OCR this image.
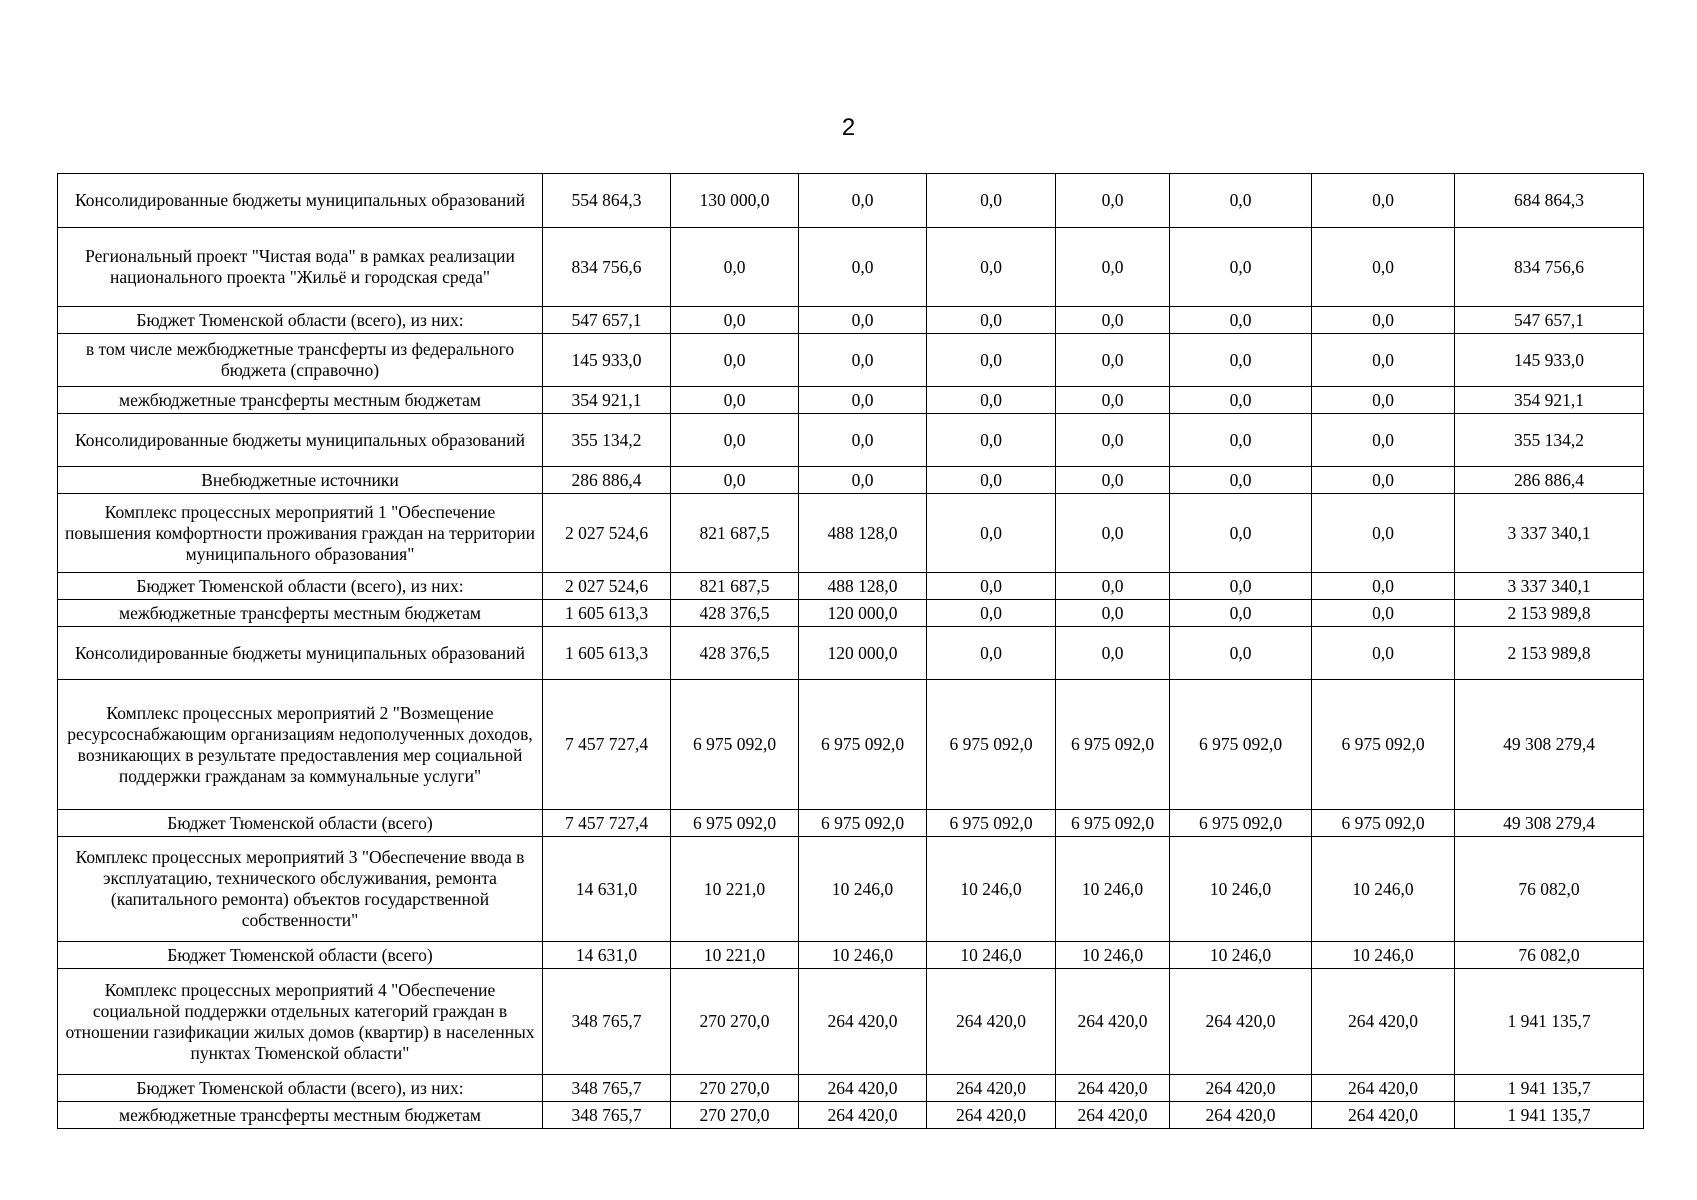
2
Консолидированные бюджеты муниципальных образований	554 864,3	130 000,0	0,0	0,0	0,0	0,0	0,0	684 864,3
Региональный проект "Чистая вода" в рамках реализации национального проекта "Жильё и городская среда"	834 756,6	0,0	0,0	0,0	0,0	0,0	0,0	834 756,6
Бюджет Тюменской области (всего), из них:	547 657,1	0,0	0,0	0,0	0,0	0,0	0,0	547 657,1
в том числе межбюджетные трансферты из федерального бюджета (справочно)	145 933,0	0,0	0,0	0,0	0,0	0,0	0,0	145 933,0
межбюджетные трансферты местным бюджетам	354 921,1	0,0	0,0	0,0	0,0	0,0	0,0	354 921,1
Консолидированные бюджеты муниципальных образований	355 134,2	0,0	0,0	0,0	0,0	0,0	0,0	355 134,2
Внебюджетные источники	286 886,4	0,0	0,0	0,0	0,0	0,0	0,0	286 886,4
Комплекс процессных мероприятий 1 "Обеспечение повышения комфортности проживания граждан на территории муниципального образования"	2 027 524,6	821 687,5	488 128,0	0,0	0,0	0,0	0,0	3 337 340,1
Бюджет Тюменской области (всего), из них:	2 027 524,6	821 687,5	488 128,0	0,0	0,0	0,0	0,0	3 337 340,1
межбюджетные трансферты местным бюджетам	1 605 613,3	428 376,5	120 000,0	0,0	0,0	0,0	0,0	2 153 989,8
Консолидированные бюджеты муниципальных образований	1 605 613,3	428 376,5	120 000,0	0,0	0,0	0,0	0,0	2 153 989,8
Комплекс процессных мероприятий 2 "Возмещение ресурсоснабжающим организациям недополученных доходов, возникающих в результате предоставления мер социальной поддержки гражданам за коммунальные услуги"	7 457 727,4	6 975 092,0	6 975 092,0	6 975 092,0	6 975 092,0	6 975 092,0	6 975 092,0	49 308 279,4
Бюджет Тюменской области (всего)	7 457 727,4	6 975 092,0	6 975 092,0	6 975 092,0	6 975 092,0	6 975 092,0	6 975 092,0	49 308 279,4
Комплекс процессных мероприятий 3 "Обеспечение ввода в эксплуатацию, технического обслуживания, ремонта (капитального ремонта) объектов государственной собственности"	14 631,0	10 221,0	10 246,0	10 246,0	10 246,0	10 246,0	10 246,0	76 082,0
Бюджет Тюменской области (всего)	14 631,0	10 221,0	10 246,0	10 246,0	10 246,0	10 246,0	10 246,0	76 082,0
Комплекс процессных мероприятий 4 "Обеспечение социальной поддержки отдельных категорий граждан в отношении газификации жилых домов (квартир) в населенных пунктах Тюменской области"	348 765,7	270 270,0	264 420,0	264 420,0	264 420,0	264 420,0	264 420,0	1 941 135,7
Бюджет Тюменской области (всего), из них:	348 765,7	270 270,0	264 420,0	264 420,0	264 420,0	264 420,0	264 420,0	1 941 135,7
межбюджетные трансферты местным бюджетам	348 765,7	270 270,0	264 420,0	264 420,0	264 420,0	264 420,0	264 420,0	1 941 135,7
